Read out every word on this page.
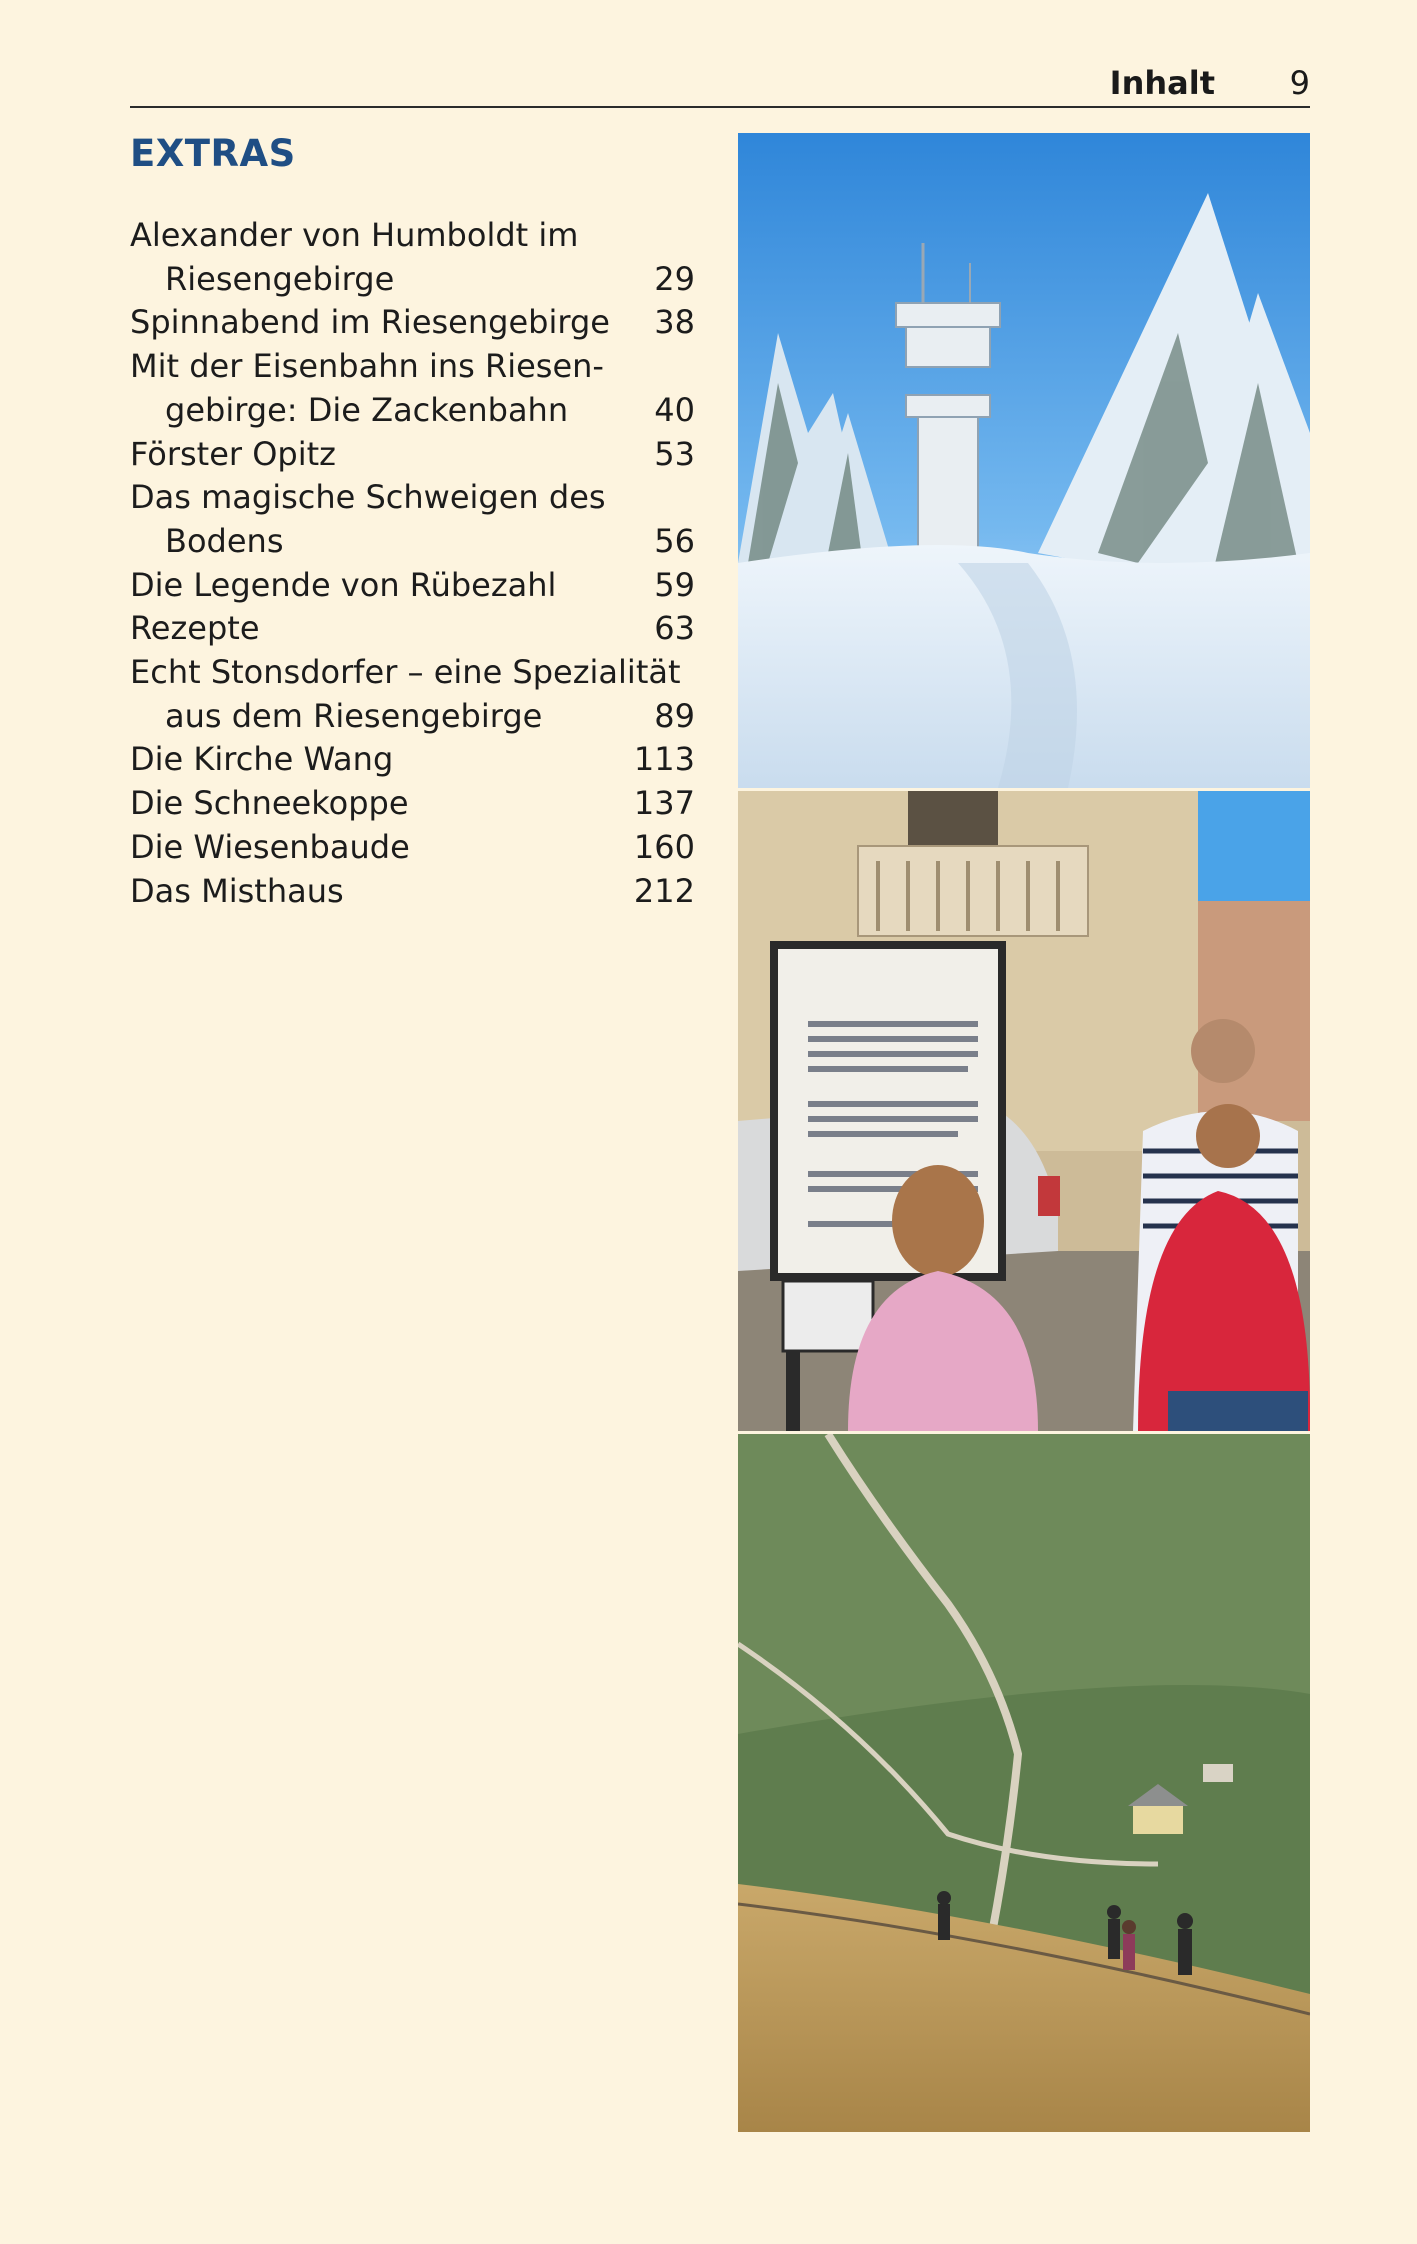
Inhalt 9
EXTRAS
Alexander von Humboldt im
Riesengebirge	29
Spinnabend im Riesengebirge	38
Mit der Eisenbahn ins Riesen-
gebirge: Die Zackenbahn	40
Förster Opitz	53
Das magische Schweigen des
Bodens	56
Die Legende von Rübezahl	59
Rezepte	63
Echt Stonsdorfer – eine Spezialität
aus dem Riesengebirge	89
Die Kirche Wang	113
Die Schneekoppe	137
Die Wiesenbaude	160
Das Misthaus	212
